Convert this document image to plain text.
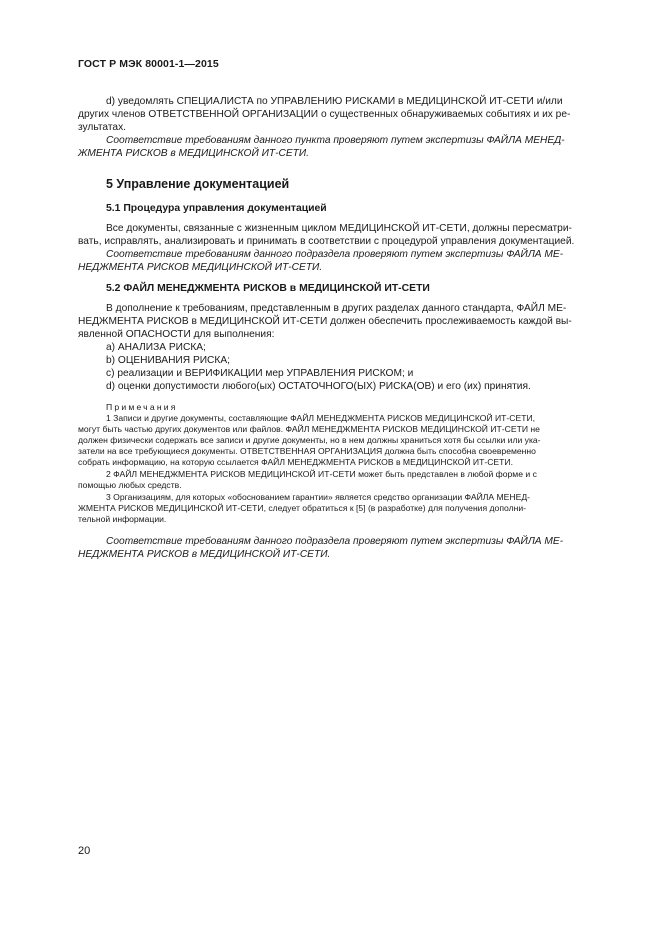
ГОСТ Р МЭК 80001-1—2015
d) уведомлять СПЕЦИАЛИСТА по УПРАВЛЕНИЮ РИСКАМИ в МЕДИЦИНСКОЙ ИТ-СЕТИ и/или
других членов ОТВЕТСТВЕННОЙ ОРГАНИЗАЦИИ о существенных обнаруживаемых событиях и их ре-
зультатах.
Соответствие требованиям данного пункта проверяют путем экспертизы ФАЙЛА МЕНЕД-
ЖМЕНТА РИСКОВ в МЕДИЦИНСКОЙ ИТ-СЕТИ.
5 Управление документацией
5.1 Процедура управления документацией
Все документы, связанные с жизненным циклом МЕДИЦИНСКОЙ ИТ-СЕТИ, должны пересматри-
вать, исправлять, анализировать и принимать в соответствии с процедурой управления документацией.
Соответствие требованиям данного подраздела проверяют путем экспертизы ФАЙЛА МЕ-
НЕДЖМЕНТА РИСКОВ МЕДИЦИНСКОЙ ИТ-СЕТИ.
5.2 ФАЙЛ МЕНЕДЖМЕНТА РИСКОВ в МЕДИЦИНСКОЙ ИТ-СЕТИ
В дополнение к требованиям, представленным в других разделах данного стандарта, ФАЙЛ МЕ-
НЕДЖМЕНТА РИСКОВ в МЕДИЦИНСКОЙ ИТ-СЕТИ должен обеспечить прослеживаемость каждой вы-
явленной ОПАСНОСТИ для выполнения:
a) АНАЛИЗА РИСКА;
b) ОЦЕНИВАНИЯ РИСКА;
c) реализации и ВЕРИФИКАЦИИ мер УПРАВЛЕНИЯ РИСКОМ; и
d) оценки допустимости любого(ых) ОСТАТОЧНОГО(ЫХ) РИСКА(ОВ) и его (их) принятия.
Примечания
1 Записи и другие документы, составляющие ФАЙЛ МЕНЕДЖМЕНТА РИСКОВ МЕДИЦИНСКОЙ ИТ-СЕТИ,
могут быть частью других документов или файлов. ФАЙЛ МЕНЕДЖМЕНТА РИСКОВ МЕДИЦИНСКОЙ ИТ-СЕТИ не
должен физически содержать все записи и другие документы, но в нем должны храниться хотя бы ссылки или ука-
затели на все требующиеся документы. ОТВЕТСТВЕННАЯ ОРГАНИЗАЦИЯ должна быть способна своевременно
собрать информацию, на которую ссылается ФАЙЛ МЕНЕДЖМЕНТА РИСКОВ в МЕДИЦИНСКОЙ ИТ-СЕТИ.
2 ФАЙЛ МЕНЕДЖМЕНТА РИСКОВ МЕДИЦИНСКОЙ ИТ-СЕТИ может быть представлен в любой форме и с
помощью любых средств.
3 Организациям, для которых «обоснованием гарантии» является средство организации ФАЙЛА МЕНЕД-
ЖМЕНТА РИСКОВ МЕДИЦИНСКОЙ ИТ-СЕТИ, следует обратиться к [5] (в разработке) для получения дополни-
тельной информации.
Соответствие требованиям данного подраздела проверяют путем экспертизы ФАЙЛА МЕ-
НЕДЖМЕНТА РИСКОВ в МЕДИЦИНСКОЙ ИТ-СЕТИ.
20
